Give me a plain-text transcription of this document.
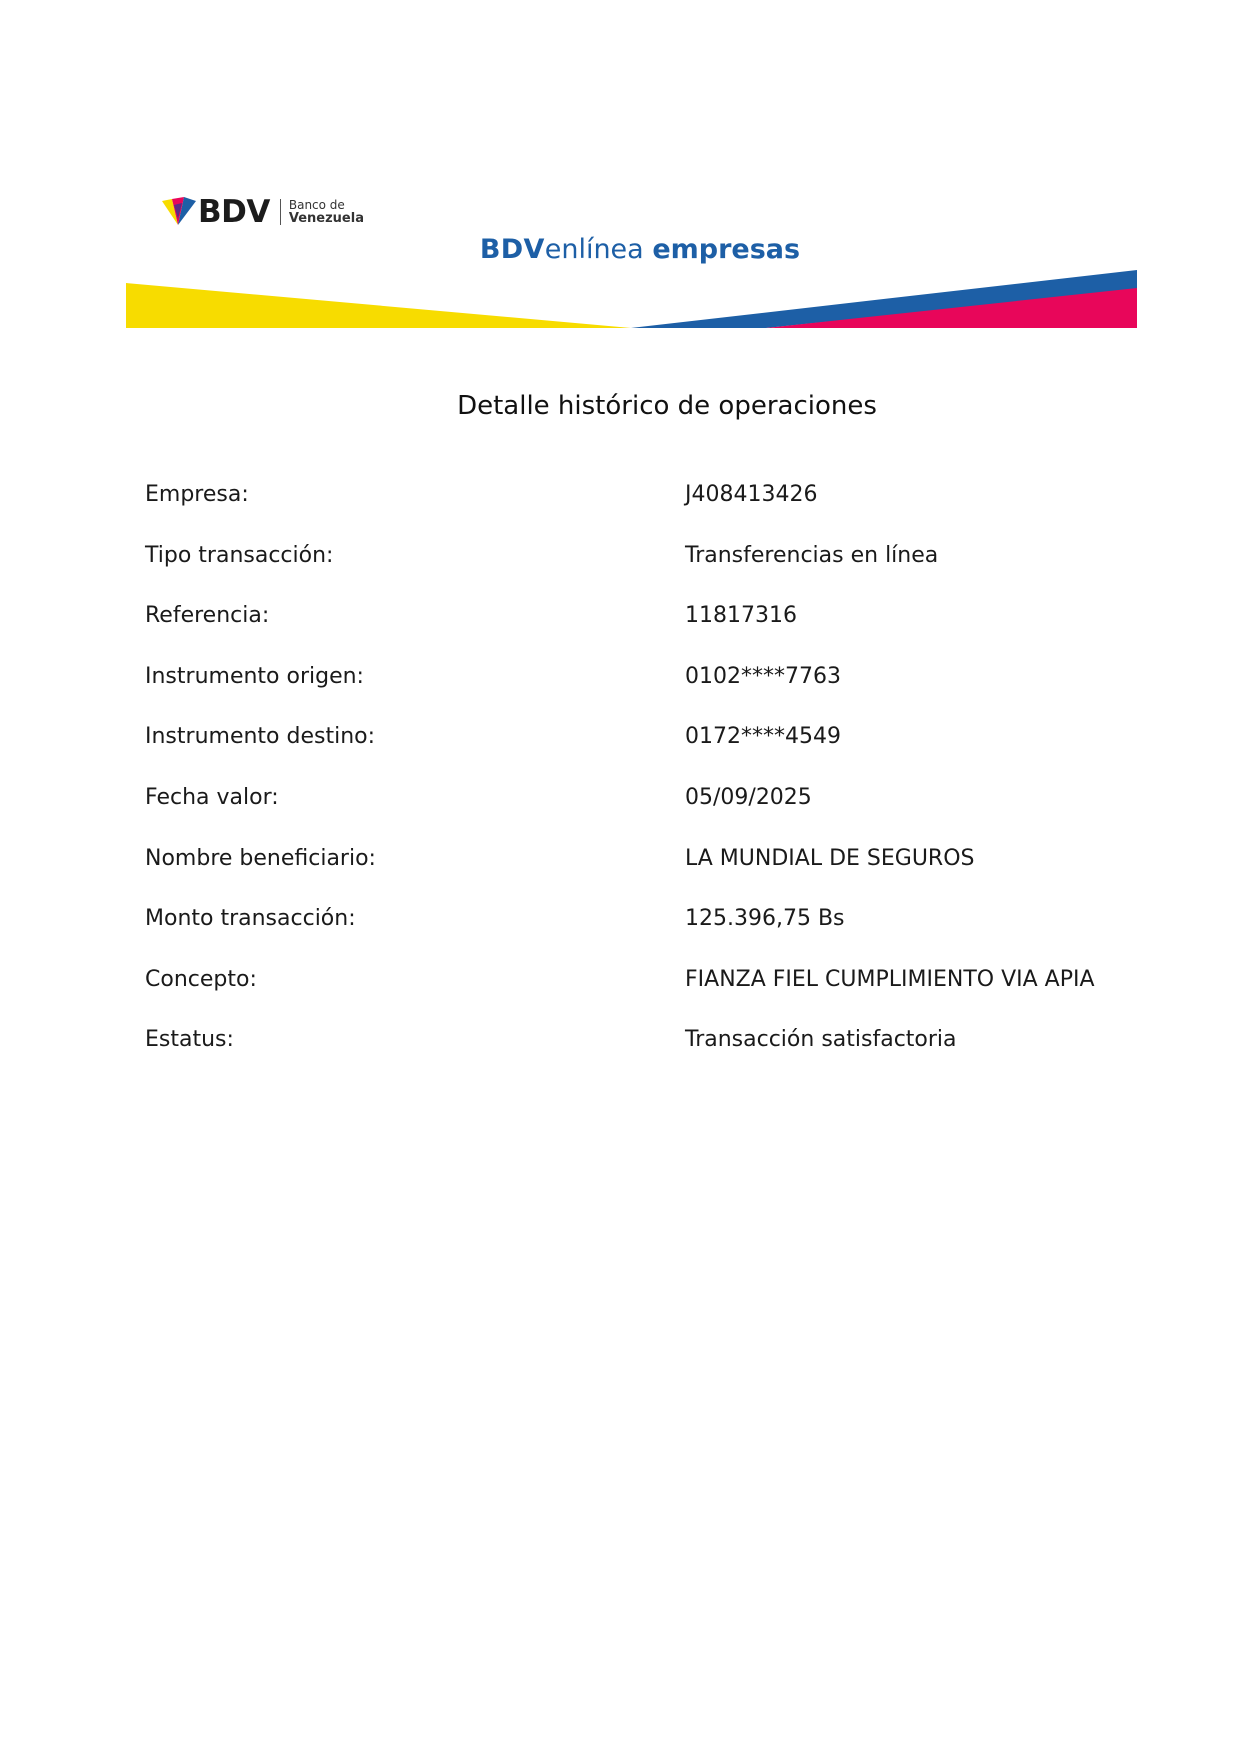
BDV Banco de
Venezuela
BDVenlínea empresas
Detalle histórico de operaciones
Empresa:	J408413426
Tipo transacción:	Transferencias en línea
Referencia:	11817316
Instrumento origen:	0102****7763
Instrumento destino:	0172****4549
Fecha valor:	05/09/2025
Nombre beneficiario:	LA MUNDIAL DE SEGUROS
Monto transacción:	125.396,75 Bs
Concepto:	FIANZA FIEL CUMPLIMIENTO VIA APIA
Estatus:	Transacción satisfactoria
